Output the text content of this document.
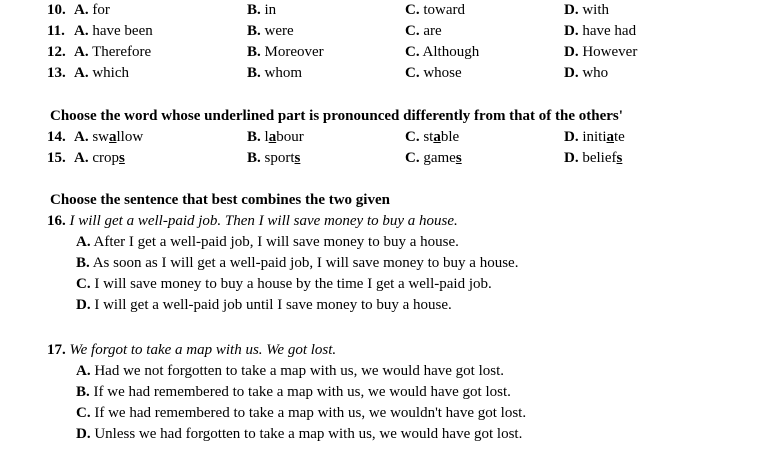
10. A. for	B. in	C. toward	D. with
11. A. have been	B. were	C. are	D. have had
12. A. Therefore	B. Moreover	C. Although	D. However
13. A. which	B. whom	C. whose	D. who
Choose the word whose underlined part is pronounced differently from that of the others'
14. A. swallow	B. labour	C. stable	D. initiate
15. A. crops	B. sports	C. games	D. beliefs
Choose the sentence that best combines the two given
16. I will get a well-paid job. Then I will save money to buy a house.
A. After I get a well-paid job, I will save money to buy a house.
B. As soon as I will get a well-paid job, I will save money to buy a house.
C. I will save money to buy a house by the time I get a well-paid job.
D. I will get a well-paid job until I save money to buy a house.
17. We forgot to take a map with us. We got lost.
A. Had we not forgotten to take a map with us, we would have got lost.
B. If we had remembered to take a map with us, we would have got lost.
C. If we had remembered to take a map with us, we wouldn't have got lost.
D. Unless we had forgotten to take a map with us, we would have got lost.
